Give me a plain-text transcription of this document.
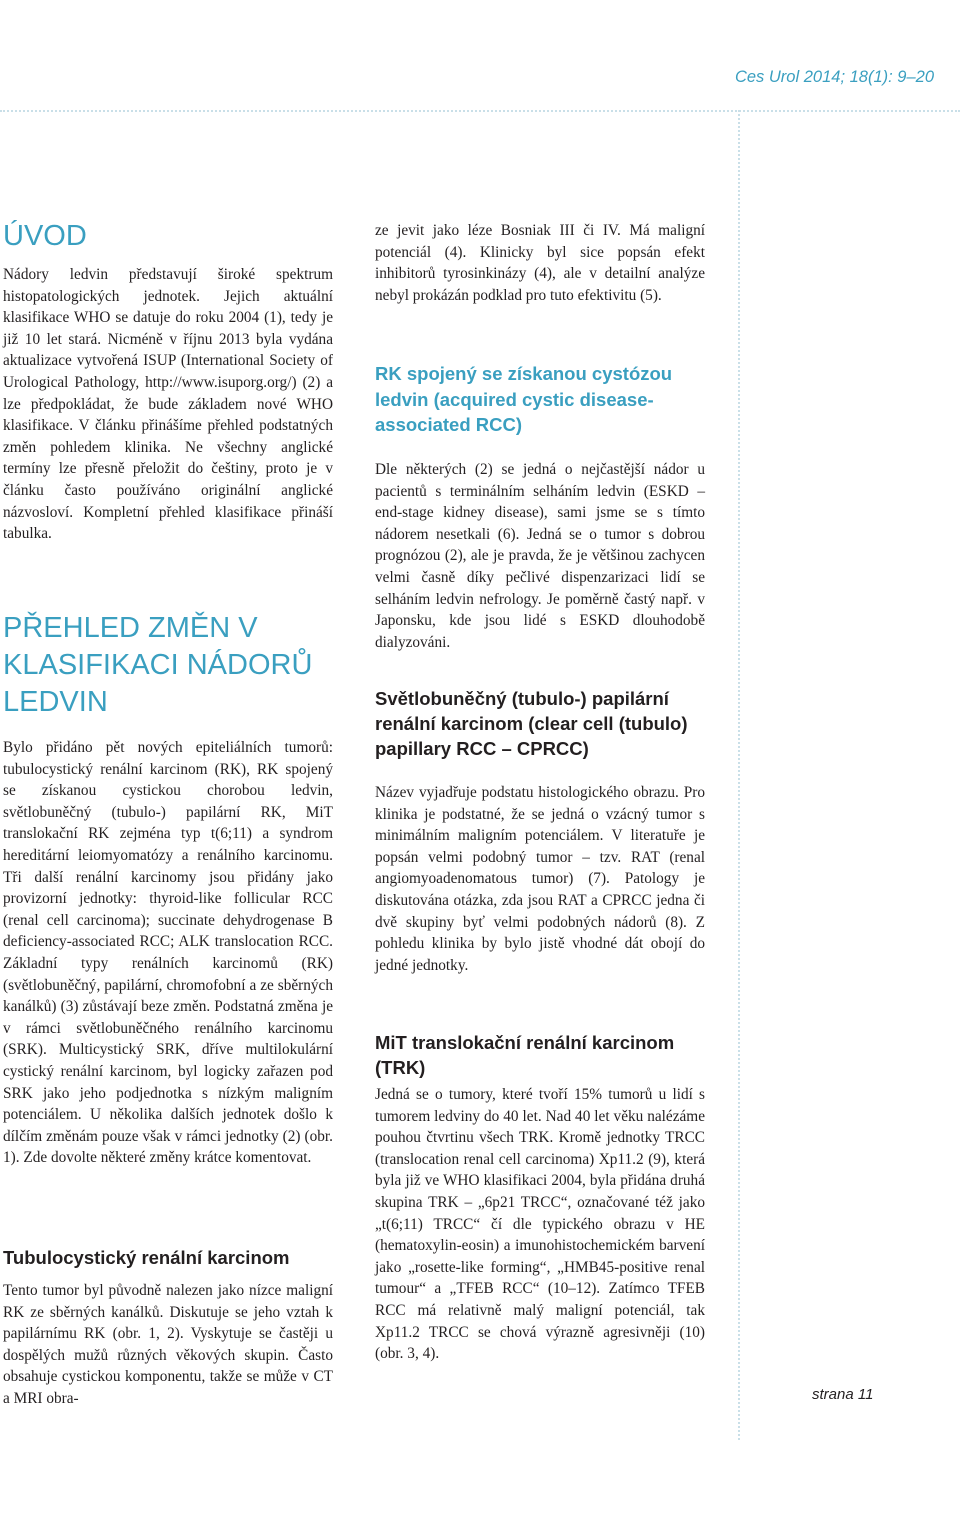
Ces Urol 2014; 18(1): 9–20
ÚVOD

Nádory ledvin představují široké spektrum histopatologických jednotek. Jejich aktuální klasifikace WHO se datuje do roku 2004 (1), tedy je již 10 let stará. Nicméně v říjnu 2013 byla vydána aktualizace vytvořená ISUP (International Society of Urological Pathology, http://www.isuporg.org/) (2) a lze předpokládat, že bude základem nové WHO klasifikace. V článku přinášíme přehled podstatných změn pohledem klinika. Ne všechny anglické termíny lze přesně přeložit do češtiny, proto je v článku často používáno originální anglické názvosloví. Kompletní přehled klasifikace přináší tabulka.

PŘEHLED ZMĚN V KLASIFIKACI NÁDORŮ LEDVIN

Bylo přidáno pět nových epiteliálních tumorů: tubulocystický renální karcinom (RK), RK spojený se získanou cystickou chorobou ledvin, světlobuněčný (tubulo-) papilární RK, MiT translokační RK zejména typ t(6;11) a syndrom hereditární leiomyomatózy a renálního karcinomu. Tři další renální karcinomy jsou přidány jako provizorní jednotky: thyroid-like follicular RCC (renal cell carcinoma); succinate dehydrogenase B deficiency-associated RCC; ALK translocation RCC. Základní typy renálních karcinomů (RK) (světlobuněčný, papilární, chromofobní a ze sběrných kanálků) (3) zůstávají beze změn. Podstatná změna je v rámci světlobuněčného renálního karcinomu (SRK). Multicystický SRK, dříve multilokulární cystický renální karcinom, byl logicky zařazen pod SRK jako jeho podjednotka s nízkým maligním potenciálem. U několika dalších jednotek došlo k dílčím změnám pouze však v rámci jednotky (2) (obr. 1). Zde dovolte některé změny krátce komentovat.

Tubulocystický renální karcinom

Tento tumor byl původně nalezen jako nízce maligní RK ze sběrných kanálků. Diskutuje se jeho vztah k papilárnímu RK (obr. 1, 2). Vyskytuje se častěji u dospělých mužů různých věkových skupin. Často obsahuje cystickou komponentu, takže se může v CT a MRI obra-

ze jevit jako léze Bosniak III či IV. Má maligní potenciál (4). Klinicky byl sice popsán efekt inhibitorů tyrosinkinázy (4), ale v detailní analýze nebyl prokázán podklad pro tuto efektivitu (5).

RK spojený se získanou cystózou ledvin (acquired cystic disease-associated RCC)

Dle některých (2) se jedná o nejčastější nádor u pacientů s terminálním selháním ledvin (ESKD – end-stage kidney disease), sami jsme se s tímto nádorem nesetkali (6). Jedná se o tumor s dobrou prognózou (2), ale je pravda, že je většinou zachycen velmi časně díky pečlivé dispenzarizaci lidí se selháním ledvin nefrology. Je poměrně častý např. v Japonsku, kde jsou lidé s ESKD dlouhodobě dialyzováni.

Světlobuněčný (tubulo-) papilární renální karcinom (clear cell (tubulo) papillary RCC – CPRCC)

Název vyjadřuje podstatu histologického obrazu. Pro klinika je podstatné, že se jedná o vzácný tumor s minimálním maligním potenciálem. V literatuře je popsán velmi podobný tumor – tzv. RAT (renal angiomyoadenomatous tumor) (7). Patology je diskutována otázka, zda jsou RAT a CPRCC jedna či dvě skupiny byť velmi podobných nádorů (8). Z pohledu klinika by bylo jistě vhodné dát obojí do jedné jednotky.

MiT translokační renální karcinom (TRK)

Jedná se o tumory, které tvoří 15% tumorů u lidí s tumorem ledviny do 40 let. Nad 40 let věku nalézáme pouhou čtvrtinu všech TRK. Kromě jednotky TRCC (translocation renal cell carcinoma) Xp11.2 (9), která byla již ve WHO klasifikaci 2004, byla přidána druhá skupina TRK – „6p21 TRCC“, označované též jako „t(6;11) TRCC“ čí dle typického obrazu v HE (hematoxylin-eosin) a imunohistochemickém barvení jako „rosette-like forming“, „HMB45-positive renal tumour“ a „TFEB RCC“ (10–12). Zatímco TFEB RCC má relativně malý maligní potenciál, tak Xp11.2 TRCC se chová výrazně agresivněji (10) (obr. 3, 4).

strana 11
